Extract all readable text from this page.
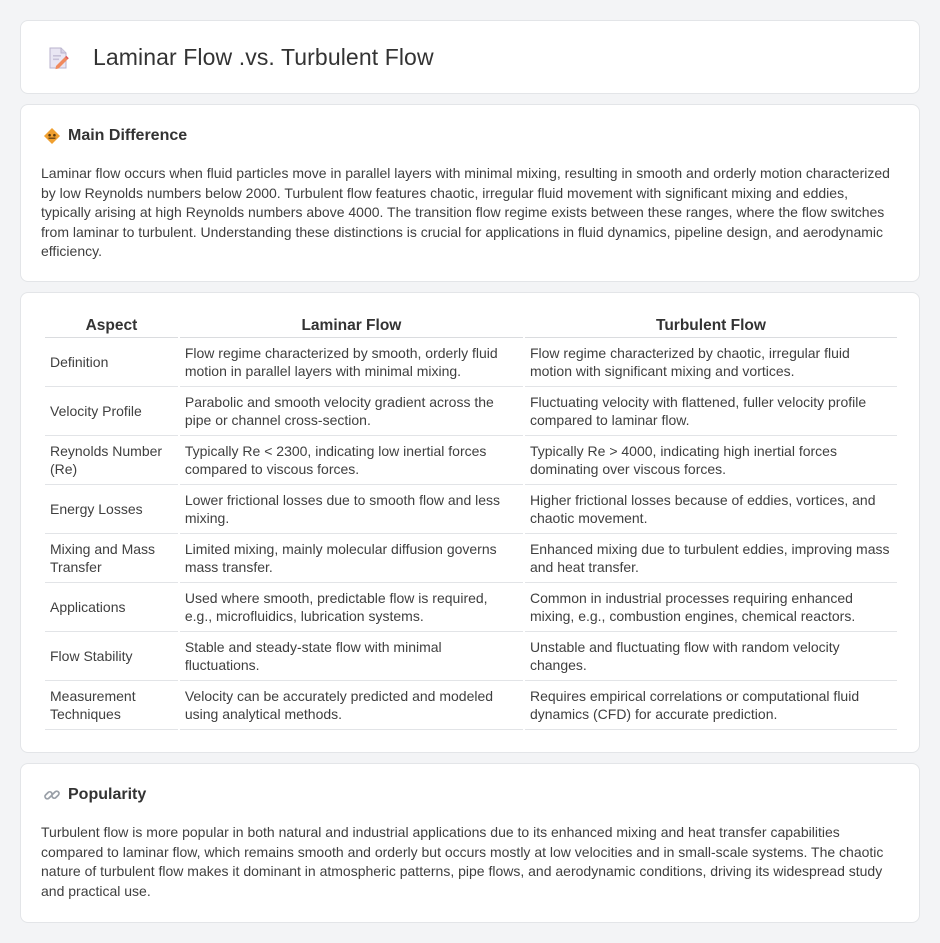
Laminar Flow .vs. Turbulent Flow
Main Difference

Laminar flow occurs when fluid particles move in parallel layers with minimal mixing, resulting in smooth and orderly motion characterized by low Reynolds numbers below 2000. Turbulent flow features chaotic, irregular fluid movement with significant mixing and eddies, typically arising at high Reynolds numbers above 4000. The transition flow regime exists between these ranges, where the flow switches from laminar to turbulent. Understanding these distinctions is crucial for applications in fluid dynamics, pipeline design, and aerodynamic efficiency.

Aspect	Laminar Flow	Turbulent Flow
Definition	Flow regime characterized by smooth, orderly fluid motion in parallel layers with minimal mixing.	Flow regime characterized by chaotic, irregular fluid motion with significant mixing and vortices.
Velocity Profile	Parabolic and smooth velocity gradient across the pipe or channel cross-section.	Fluctuating velocity with flattened, fuller velocity profile compared to laminar flow.
Reynolds Number (Re)	Typically Re < 2300, indicating low inertial forces compared to viscous forces.	Typically Re > 4000, indicating high inertial forces dominating over viscous forces.
Energy Losses	Lower frictional losses due to smooth flow and less mixing.	Higher frictional losses because of eddies, vortices, and chaotic movement.
Mixing and Mass Transfer	Limited mixing, mainly molecular diffusion governs mass transfer.	Enhanced mixing due to turbulent eddies, improving mass and heat transfer.
Applications	Used where smooth, predictable flow is required, e.g., microfluidics, lubrication systems.	Common in industrial processes requiring enhanced mixing, e.g., combustion engines, chemical reactors.
Flow Stability	Stable and steady-state flow with minimal fluctuations.	Unstable and fluctuating flow with random velocity changes.
Measurement Techniques	Velocity can be accurately predicted and modeled using analytical methods.	Requires empirical correlations or computational fluid dynamics (CFD) for accurate prediction.
Popularity

Turbulent flow is more popular in both natural and industrial applications due to its enhanced mixing and heat transfer capabilities compared to laminar flow, which remains smooth and orderly but occurs mostly at low velocities and in small-scale systems. The chaotic nature of turbulent flow makes it dominant in atmospheric patterns, pipe flows, and aerodynamic conditions, driving its widespread study and practical use.
